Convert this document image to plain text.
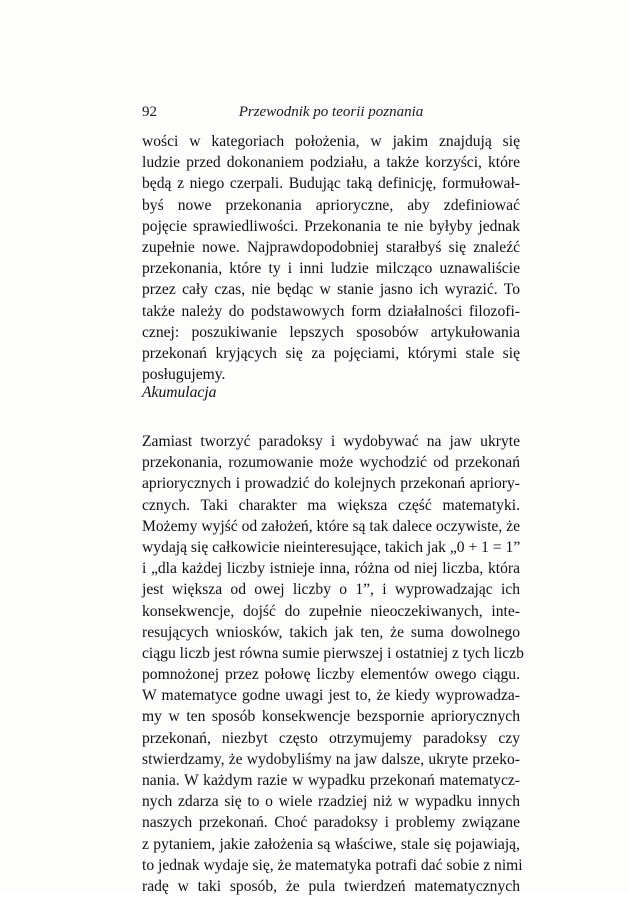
92	Przewodnik po teorii poznania
wości w kategoriach położenia, w jakim znajdują się
ludzie przed dokonaniem podziału, a także korzyści, które
będą z niego czerpali. Budując taką definicję, formułował-
byś nowe przekonania aprioryczne, aby zdefiniować
pojęcie sprawiedliwości. Przekonania te nie byłyby jednak
zupełnie nowe. Najprawdopodobniej starałbyś się znaleźć
przekonania, które ty i inni ludzie milcząco uznawaliście
przez cały czas, nie będąc w stanie jasno ich wyrazić. To
także należy do podstawowych form działalności filozofi-
cznej: poszukiwanie lepszych sposobów artykułowania
przekonań kryjących się za pojęciami, którymi stale się
posługujemy.
Akumulacja
Zamiast tworzyć paradoksy i wydobywać na jaw ukryte
przekonania, rozumowanie może wychodzić od przekonań
apriorycznych i prowadzić do kolejnych przekonań apriory-
cznych. Taki charakter ma większa część matematyki.
Możemy wyjść od założeń, które są tak dalece oczywiste, że
wydają się całkowicie nieinteresujące, takich jak „0 + 1 = 1”
i „dla każdej liczby istnieje inna, różna od niej liczba, która
jest większa od owej liczby o 1”, i wyprowadzając ich
konsekwencje, dojść do zupełnie nieoczekiwanych, inte-
resujących wniosków, takich jak ten, że suma dowolnego
ciągu liczb jest równa sumie pierwszej i ostatniej z tych liczb
pomnożonej przez połowę liczby elementów owego ciągu.
W matematyce godne uwagi jest to, że kiedy wyprowadza-
my w ten sposób konsekwencje bezspornie apriorycznych
przekonań, niezbyt często otrzymujemy paradoksy czy
stwierdzamy, że wydobyliśmy na jaw dalsze, ukryte przeko-
nania. W każdym razie w wypadku przekonań matematycz-
nych zdarza się to o wiele rzadziej niż w wypadku innych
naszych przekonań. Choć paradoksy i problemy związane
z pytaniem, jakie założenia są właściwe, stale się pojawiają,
to jednak wydaje się, że matematyka potrafi dać sobie z nimi
radę w taki sposób, że pula twierdzeń matematycznych
